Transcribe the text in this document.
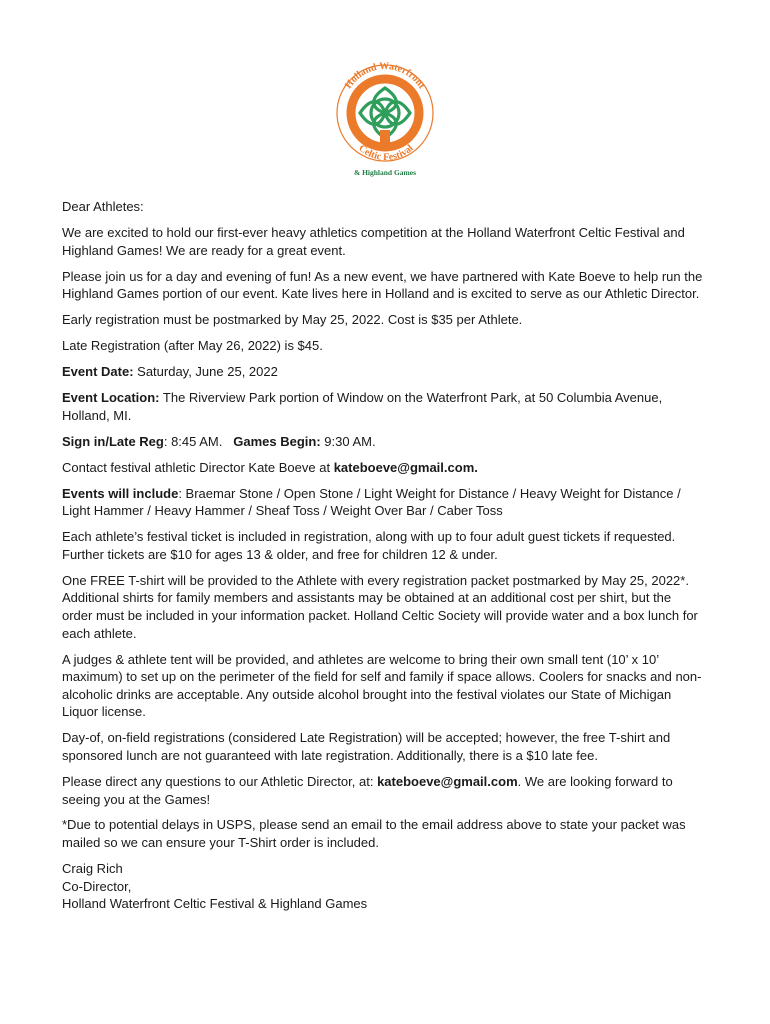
Holland Waterfront
Celtic Festival
& Highland Games

Dear Athletes:

We are excited to hold our first-ever heavy athletics competition at the Holland Waterfront Celtic Festival and Highland Games! We are ready for a great event.

Please join us for a day and evening of fun! As a new event, we have partnered with Kate Boeve to help run the Highland Games portion of our event. Kate lives here in Holland and is excited to serve as our Athletic Director.

Early registration must be postmarked by May 25, 2022. Cost is $35 per Athlete.

Late Registration (after May 26, 2022) is $45.

Event Date: Saturday, June 25, 2022

Event Location: The Riverview Park portion of Window on the Waterfront Park, at 50 Columbia Avenue, Holland, MI.

Sign in/Late Reg: 8:45 AM. Games Begin: 9:30 AM.

Contact festival athletic Director Kate Boeve at kateboeve@gmail.com.

Events will include: Braemar Stone / Open Stone / Light Weight for Distance / Heavy Weight for Distance / Light Hammer / Heavy Hammer / Sheaf Toss / Weight Over Bar / Caber Toss

Each athlete’s festival ticket is included in registration, along with up to four adult guest tickets if requested. Further tickets are $10 for ages 13 & older, and free for children 12 & under.

One FREE T-shirt will be provided to the Athlete with every registration packet postmarked by May 25, 2022*. Additional shirts for family members and assistants may be obtained at an additional cost per shirt, but the order must be included in your information packet. Holland Celtic Society will provide water and a box lunch for each athlete.

A judges & athlete tent will be provided, and athletes are welcome to bring their own small tent (10’ x 10’ maximum) to set up on the perimeter of the field for self and family if space allows. Coolers for snacks and non-alcoholic drinks are acceptable. Any outside alcohol brought into the festival violates our State of Michigan Liquor license.

Day-of, on-field registrations (considered Late Registration) will be accepted; however, the free T-shirt and sponsored lunch are not guaranteed with late registration. Additionally, there is a $10 late fee.

Please direct any questions to our Athletic Director, at: kateboeve@gmail.com. We are looking forward to seeing you at the Games!

*Due to potential delays in USPS, please send an email to the email address above to state your packet was mailed so we can ensure your T-Shirt order is included.

Craig Rich
Co-Director,
Holland Waterfront Celtic Festival & Highland Games
